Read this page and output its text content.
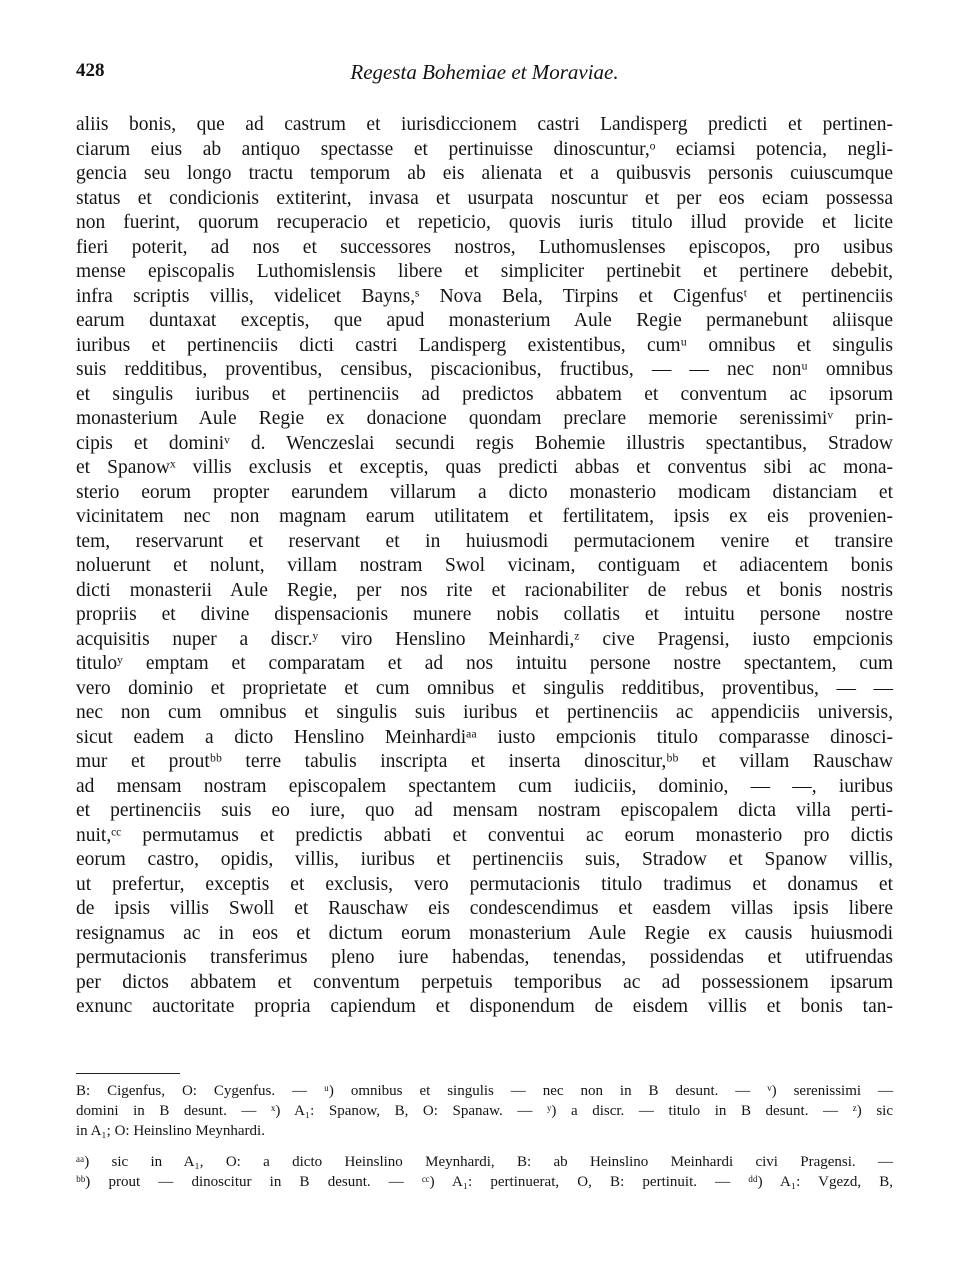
428	Regesta Bohemiae et Moraviae.
aliis bonis, que ad castrum et iurisdiccionem castri Landisperg predicti et pertinen-
ciarum eius ab antiquo spectasse et pertinuisse dinoscuntur,ᵒ eciamsi potencia, negli-
gencia seu longo tractu temporum ab eis alienata et a quibusvis personis cuiuscumque
status et condicionis extiterint, invasa et usurpata noscuntur et per eos eciam possessa
non fuerint, quorum recuperacio et repeticio, quovis iuris titulo illud provide et licite
fieri poterit, ad nos et successores nostros, Luthomuslenses episcopos, pro usibus
mense episcopalis Luthomislensis libere et simpliciter pertinebit et pertinere debebit,
infra scriptis villis, videlicet Bayns,ˢ Nova Bela, Tirpins et Cigenfusᵗ et pertinenciis
earum duntaxat exceptis, que apud monasterium Aule Regie permanebunt aliisque
iuribus et pertinenciis dicti castri Landisperg existentibus, cumᵘ omnibus et singulis
suis redditibus, proventibus, censibus, piscacionibus, fructibus, — — nec nonᵘ omnibus
et singulis iuribus et pertinenciis ad predictos abbatem et conventum ac ipsorum
monasterium Aule Regie ex donacione quondam preclare memorie serenissimiᵛ prin-
cipis et dominiᵛ d. Wenczeslai secundi regis Bohemie illustris spectantibus, Stradow
et Spanowˣ villis exclusis et exceptis, quas predicti abbas et conventus sibi ac mona-
sterio eorum propter earundem villarum a dicto monasterio modicam distanciam et
vicinitatem nec non magnam earum utilitatem et fertilitatem, ipsis ex eis provenien-
tem, reservarunt et reservant et in huiusmodi permutacionem venire et transire
noluerunt et nolunt, villam nostram Swol vicinam, contiguam et adiacentem bonis
dicti monasterii Aule Regie, per nos rite et racionabiliter de rebus et bonis nostris
propriis et divine dispensacionis munere nobis collatis et intuitu persone nostre
acquisitis nuper a discr.ʸ viro Henslino Meinhardi,ᶻ cive Pragensi, iusto empcionis
tituloʸ emptam et comparatam et ad nos intuitu persone nostre spectantem, cum
vero dominio et proprietate et cum omnibus et singulis redditibus, proventibus, — —
nec non cum omnibus et singulis suis iuribus et pertinenciis ac appendiciis universis,
sicut eadem a dicto Henslino Meinhardiᵃᵃ iusto empcionis titulo comparasse dinosci-
mur et proutᵇᵇ terre tabulis inscripta et inserta dinoscitur,ᵇᵇ et villam Rauschaw
ad mensam nostram episcopalem spectantem cum iudiciis, dominio, — —, iuribus
et pertinenciis suis eo iure, quo ad mensam nostram episcopalem dicta villa perti-
nuit,ᶜᶜ permutamus et predictis abbati et conventui ac eorum monasterio pro dictis
eorum castro, opidis, villis, iuribus et pertinenciis suis, Stradow et Spanow villis,
ut prefertur, exceptis et exclusis, vero permutacionis titulo tradimus et donamus et
de ipsis villis Swoll et Rauschaw eis condescendimus et easdem villas ipsis libere
resignamus ac in eos et dictum eorum monasterium Aule Regie ex causis huiusmodi
permutacionis transferimus pleno iure habendas, tenendas, possidendas et utifruendas
per dictos abbatem et conventum perpetuis temporibus ac ad possessionem ipsarum
exnunc auctoritate propria capiendum et disponendum de eisdem villis et bonis tan-
B: Cigenfus, O: Cygenfus. — ᵘ) omnibus et singulis — nec non in B desunt. — ᵛ) serenissimi —
domini in B desunt. — ˣ) A₁: Spanow, B, O: Spanaw. — ʸ) a discr. — titulo in B desunt. — ᶻ) sic
in A₁; O: Heinslino Meynhardi.
ᵃᵃ) sic in A₁, O: a dicto Heinslino Meynhardi, B: ab Heinslino Meinhardi civi Pragensi. —
ᵇᵇ) prout — dinoscitur in B desunt. — ᶜᶜ) A₁: pertinuerat, O, B: pertinuit. — ᵈᵈ) A₁: Vgezd, B,
